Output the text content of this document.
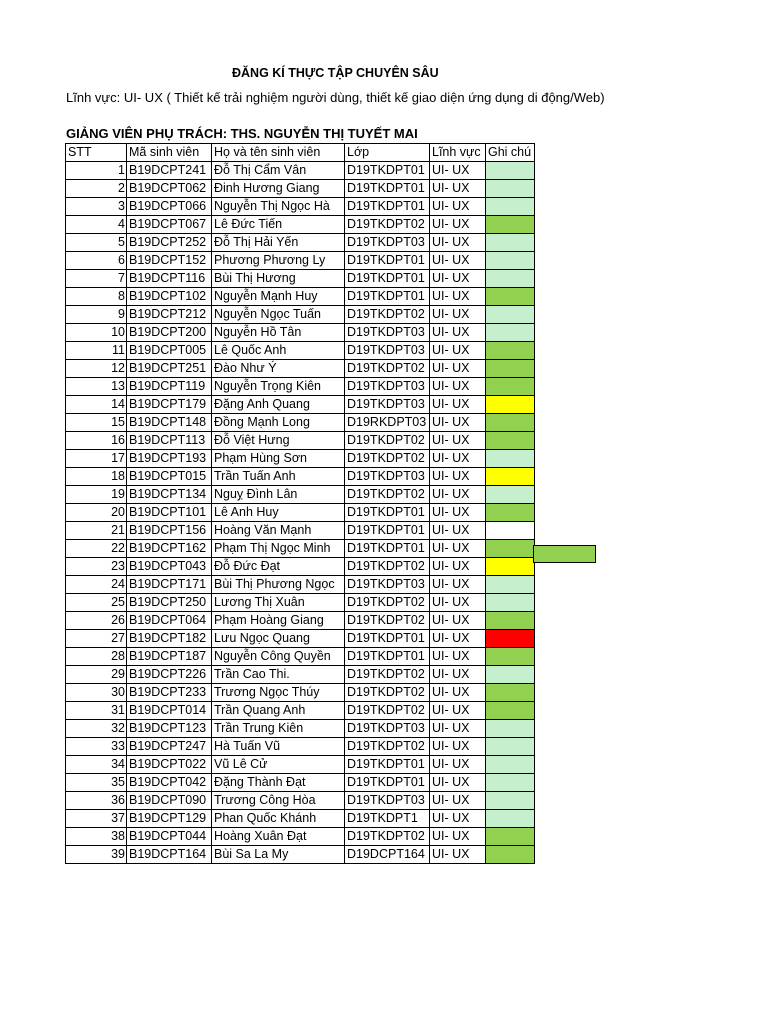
ĐĂNG KÍ THỰC TẬP CHUYÊN SÂU
Lĩnh vực: UI- UX ( Thiết kế trải nghiệm người dùng, thiết kế giao diện ứng dụng di động/Web)
GIẢNG VIÊN PHỤ TRÁCH: THS. NGUYỄN THỊ TUYẾT MAI
STT	Mã sinh viên	Họ và tên sinh viên	Lớp	Lĩnh vực	Ghi chú
1	B19DCPT241	Đỗ Thị Cẩm Vân	D19TKDPT01	UI- UX	
2	B19DCPT062	Đinh Hương Giang	D19TKDPT01	UI- UX	
3	B19DCPT066	Nguyễn Thị Ngọc Hà	D19TKDPT01	UI- UX	
4	B19DCPT067	Lê Đức Tiến	D19TKDPT02	UI- UX	
5	B19DCPT252	Đỗ Thị Hải Yến	D19TKDPT03	UI- UX	
6	B19DCPT152	Phương Phương Ly	D19TKDPT01	UI- UX	
7	B19DCPT116	Bùi Thị Hương	D19TKDPT01	UI- UX	
8	B19DCPT102	Nguyễn Mạnh Huy	D19TKDPT01	UI- UX	
9	B19DCPT212	Nguyễn Ngọc Tuấn	D19TKDPT02	UI- UX	
10	B19DCPT200	Nguyễn Hồ Tân	D19TKDPT03	UI- UX	
11	B19DCPT005	Lê Quốc Anh	D19TKDPT03	UI- UX	
12	B19DCPT251	Đào Như Ý	D19TKDPT02	UI- UX	
13	B19DCPT119	Nguyễn Trọng Kiên	D19TKDPT03	UI- UX	
14	B19DCPT179	Đặng Anh Quang	D19TKDPT03	UI- UX	
15	B19DCPT148	Đồng Mạnh Long	D19RKDPT03	UI- UX	
16	B19DCPT113	Đỗ Việt Hưng	D19TKDPT02	UI- UX	
17	B19DCPT193	Phạm Hùng Sơn	D19TKDPT02	UI- UX	
18	B19DCPT015	Trần Tuấn Anh	D19TKDPT03	UI- UX	
19	B19DCPT134	Nguỵ Đình Lân	D19TKDPT02	UI- UX	
20	B19DCPT101	Lê Anh Huy	D19TKDPT01	UI- UX	
21	B19DCPT156	Hoàng Văn Mạnh	D19TKDPT01	UI- UX	
22	B19DCPT162	Phạm Thị Ngọc Minh	D19TKDPT01	UI- UX	
23	B19DCPT043	Đỗ Đức Đạt	D19TKDPT02	UI- UX	
24	B19DCPT171	Bùi Thị Phương Ngọc	D19TKDPT03	UI- UX	
25	B19DCPT250	Lương Thị Xuân	D19TKDPT02	UI- UX	
26	B19DCPT064	Phạm Hoàng Giang	D19TKDPT02	UI- UX	
27	B19DCPT182	Lưu Ngọc Quang	D19TKDPT01	UI- UX	
28	B19DCPT187	Nguyễn Công Quyền	D19TKDPT01	UI- UX	
29	B19DCPT226	Trần Cao Thi.	D19TKDPT02	UI- UX	
30	B19DCPT233	Trương Ngọc Thúy	D19TKDPT02	UI- UX	
31	B19DCPT014	Trần Quang Anh	D19TKDPT02	UI- UX	
32	B19DCPT123	Trần Trung Kiên	D19TKDPT03	UI- UX	
33	B19DCPT247	Hà Tuấn Vũ	D19TKDPT02	UI- UX	
34	B19DCPT022	Vũ Lê Cử	D19TKDPT01	UI- UX	
35	B19DCPT042	Đặng Thành Đạt	D19TKDPT01	UI- UX	
36	B19DCPT090	Trương Công Hòa	D19TKDPT03	UI- UX	
37	B19DCPT129	Phan Quốc Khánh	D19TKDPT1	UI- UX	
38	B19DCPT044	Hoàng Xuân Đạt	D19TKDPT02	UI- UX	
39	B19DCPT164	Bùi Sa La My	D19DCPT164	UI- UX	
